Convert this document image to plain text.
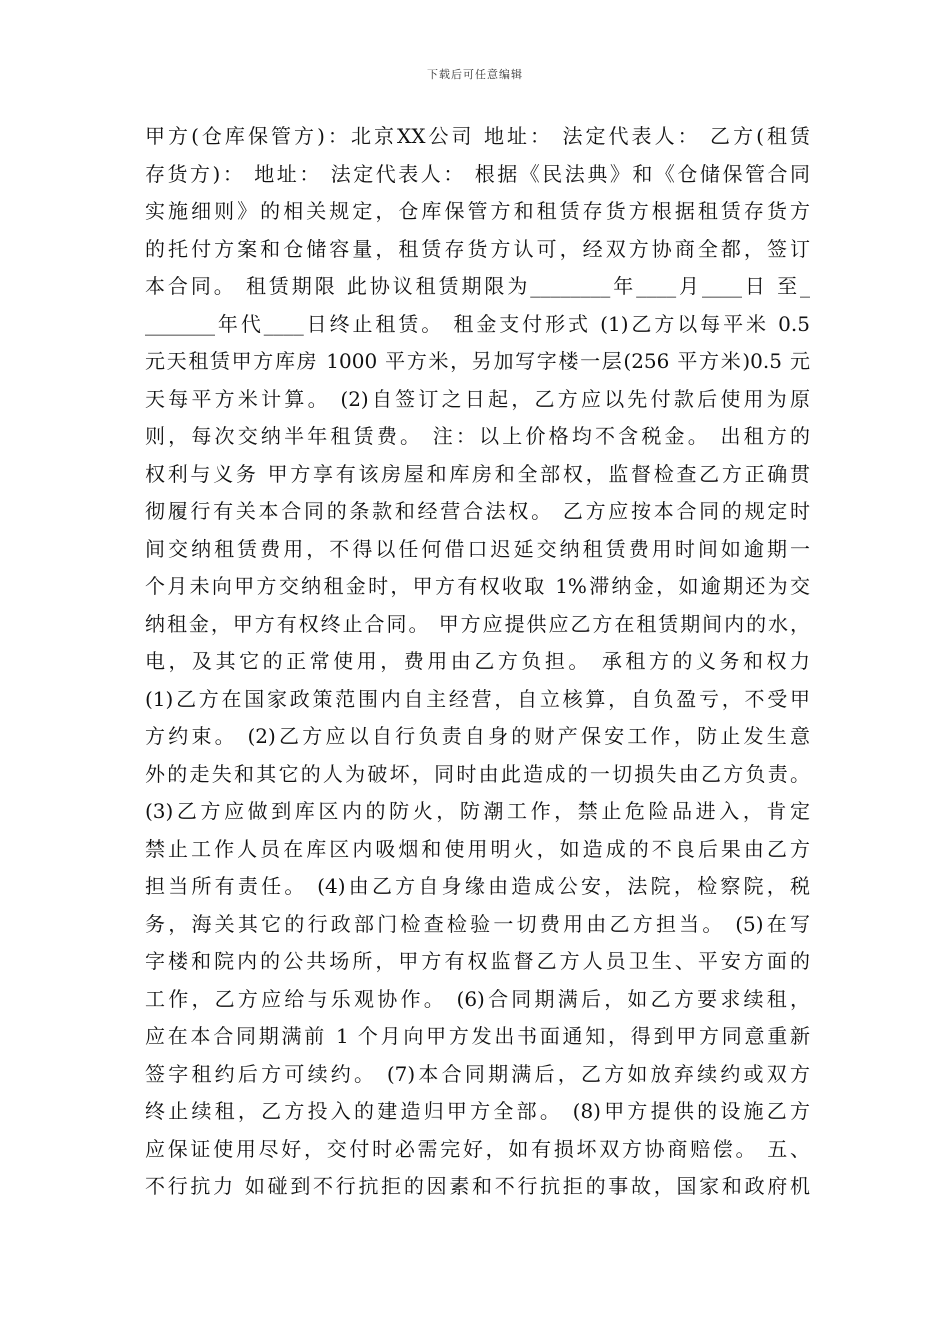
下载后可任意编辑
甲方(仓库保管方)：北京XX公司 地址： 法定代表人： 乙方(租赁
存货方)： 地址： 法定代表人： 根据《民法典》和《仓储保管合同
实施细则》的相关规定，仓库保管方和租赁存货方根据租赁存货方
的托付方案和仓储容量，租赁存货方认可，经双方协商全都，签订
本合同。 租赁期限 此协议租赁期限为________年____月____日 至_
_______年代____日终止租赁。 租金支付形式 (1)乙方以每平米 0.5
元天租赁甲方库房 1000 平方米，另加写字楼一层(256 平方米)0.5 元
天每平方米计算。 (2)自签订之日起，乙方应以先付款后使用为原
则，每次交纳半年租赁费。 注：以上价格均不含税金。 出租方的
权利与义务 甲方享有该房屋和库房和全部权，监督检查乙方正确贯
彻履行有关本合同的条款和经营合法权。 乙方应按本合同的规定时
间交纳租赁费用，不得以任何借口迟延交纳租赁费用时间如逾期一
个月未向甲方交纳租金时，甲方有权收取 1%滞纳金，如逾期还为交
纳租金，甲方有权终止合同。 甲方应提供应乙方在租赁期间内的水，
电，及其它的正常使用，费用由乙方负担。 承租方的义务和权力
(1)乙方在国家政策范围内自主经营，自立核算，自负盈亏，不受甲
方约束。 (2)乙方应以自行负责自身的财产保安工作，防止发生意
外的走失和其它的人为破坏，同时由此造成的一切损失由乙方负责。
(3)乙方应做到库区内的防火，防潮工作，禁止危险品进入，肯定
禁止工作人员在库区内吸烟和使用明火，如造成的不良后果由乙方
担当所有责任。 (4)由乙方自身缘由造成公安，法院，检察院，税
务，海关其它的行政部门检查检验一切费用由乙方担当。 (5)在写
字楼和院内的公共场所，甲方有权监督乙方人员卫生、平安方面的
工作，乙方应给与乐观协作。 (6)合同期满后，如乙方要求续租，
应在本合同期满前 1 个月向甲方发出书面通知，得到甲方同意重新
签字租约后方可续约。 (7)本合同期满后，乙方如放弃续约或双方
终止续租，乙方投入的建造归甲方全部。 (8)甲方提供的设施乙方
应保证使用尽好，交付时必需完好，如有损坏双方协商赔偿。 五、
不行抗力 如碰到不行抗拒的因素和不行抗拒的事故，国家和政府机
